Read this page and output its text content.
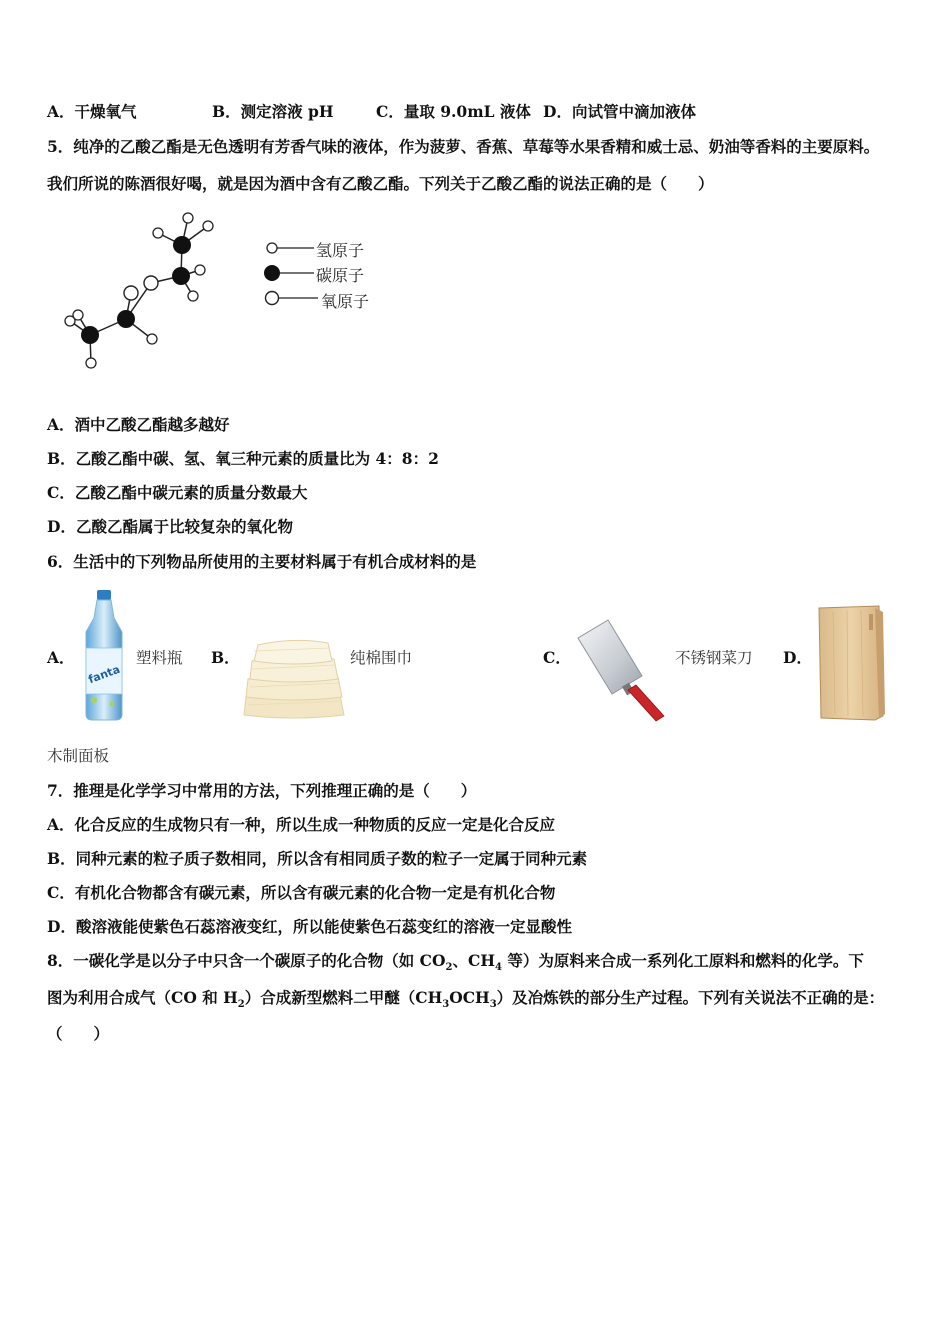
A．干燥氧气	B．测定溶液 pH	C．量取 9.0mL 液体 D．向试管中滴加液体
5．纯净的乙酸乙酯是无色透明有芳香气味的液体，作为菠萝、香蕉、草莓等水果香精和威士忌、奶油等香料的主要原料。
我们所说的陈酒很好喝，就是因为酒中含有乙酸乙酯。下列关于乙酸乙酯的说法正确的是（　　）
氢原子
碳原子
氧原子
A．酒中乙酸乙酯越多越好
B．乙酸乙酯中碳、氢、氧三种元素的质量比为 4：8：2
C．乙酸乙酯中碳元素的质量分数最大
D．乙酸乙酯属于比较复杂的氧化物
6．生活中的下列物品所使用的主要材料属于有机合成材料的是
A．
fanta
塑料瓶 B．	纯棉围巾	C．	不锈钢菜刀 D．
木制面板
7．推理是化学学习中常用的方法，下列推理正确的是（　　）
A．化合反应的生成物只有一种，所以生成一种物质的反应一定是化合反应
B．同种元素的粒子质子数相同，所以含有相同质子数的粒子一定属于同种元素
C．有机化合物都含有碳元素，所以含有碳元素的化合物一定是有机化合物
D．酸溶液能使紫色石蕊溶液变红，所以能使紫色石蕊变红的溶液一定显酸性
8．一碳化学是以分子中只含一个碳原子的化合物（如 $CO_2$、$CH_4$ 等）为原料来合成一系列化工原料和燃料的化学。下
图为利用合成气（CO 和 $H_2$）合成新型燃料二甲醚$(CH_3OCH_3)$及冶炼铁的部分生产过程。下列有关说法不正确的是：
（　　）
